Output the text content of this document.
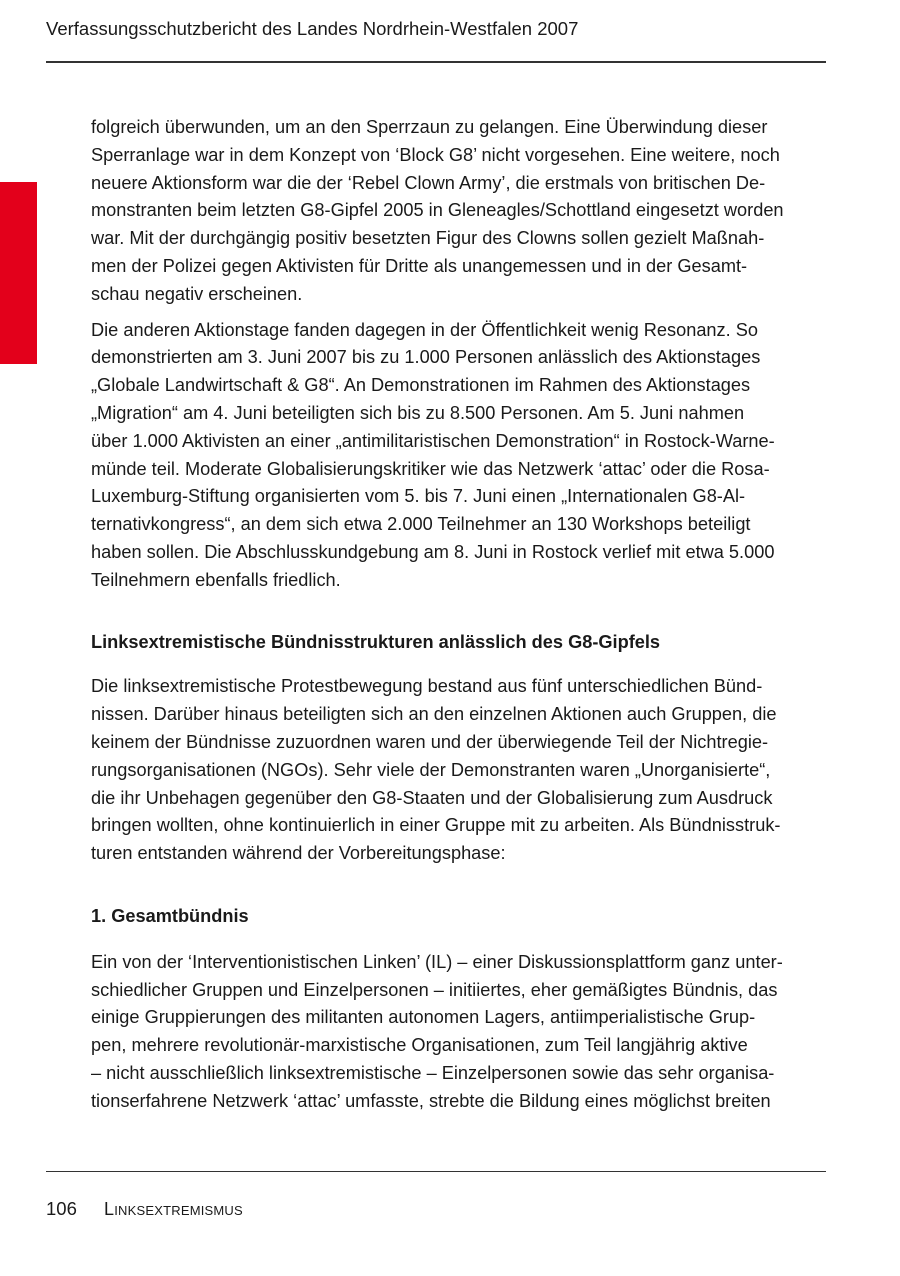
Verfassungsschutzbericht des Landes Nordrhein-Westfalen 2007
folgreich überwunden, um an den Sperrzaun zu gelangen. Eine Überwindung dieser
Sperranlage war in dem Konzept von ‘Block G8’ nicht vorgesehen. Eine weitere, noch
neuere Aktionsform war die der ‘Rebel Clown Army’, die erstmals von britischen De-
monstranten beim letzten G8-Gipfel 2005 in Gleneagles/Schottland eingesetzt worden
war. Mit der durchgängig positiv besetzten Figur des Clowns sollen gezielt Maßnah-
men der Polizei gegen Aktivisten für Dritte als unangemessen und in der Gesamt-
schau negativ erscheinen.
Die anderen Aktionstage fanden dagegen in der Öffentlichkeit wenig Resonanz. So
demonstrierten am 3. Juni 2007 bis zu 1.000 Personen anlässlich des Aktionstages
„Globale Landwirtschaft & G8“. An Demonstrationen im Rahmen des Aktionstages
„Migration“ am 4. Juni beteiligten sich bis zu 8.500 Personen. Am 5. Juni nahmen
über 1.000 Aktivisten an einer „antimilitaristischen Demonstration“ in Rostock-Warne-
münde teil. Moderate Globalisierungskritiker wie das Netzwerk ‘attac’ oder die Rosa-
Luxemburg-Stiftung organisierten vom 5. bis 7. Juni einen „Internationalen G8-Al-
ternativkongress“, an dem sich etwa 2.000 Teilnehmer an 130 Workshops beteiligt
haben sollen. Die Abschlusskundgebung am 8. Juni in Rostock verlief mit etwa 5.000
Teilnehmern ebenfalls friedlich.
Linksextremistische Bündnisstrukturen anlässlich des G8-Gipfels
Die linksextremistische Protestbewegung bestand aus fünf unterschiedlichen Bünd-
nissen. Darüber hinaus beteiligten sich an den einzelnen Aktionen auch Gruppen, die
keinem der Bündnisse zuzuordnen waren und der überwiegende Teil der Nichtregie-
rungsorganisationen (NGOs). Sehr viele der Demonstranten waren „Unorganisierte“,
die ihr Unbehagen gegenüber den G8-Staaten und der Globalisierung zum Ausdruck
bringen wollten, ohne kontinuierlich in einer Gruppe mit zu arbeiten. Als Bündnisstruk-
turen entstanden während der Vorbereitungsphase:
1. Gesamtbündnis
Ein von der ‘Interventionistischen Linken’ (IL) – einer Diskussionsplattform ganz unter-
schiedlicher Gruppen und Einzelpersonen – initiiertes, eher gemäßigtes Bündnis, das
einige Gruppierungen des militanten autonomen Lagers, antiimperialistische Grup-
pen, mehrere revolutionär-marxistische Organisationen, zum Teil langjährig aktive
– nicht ausschließlich linksextremistische – Einzelpersonen sowie das sehr organisa-
tionserfahrene Netzwerk ‘attac’ umfasste, strebte die Bildung eines möglichst breiten
106 Linksextremismus
